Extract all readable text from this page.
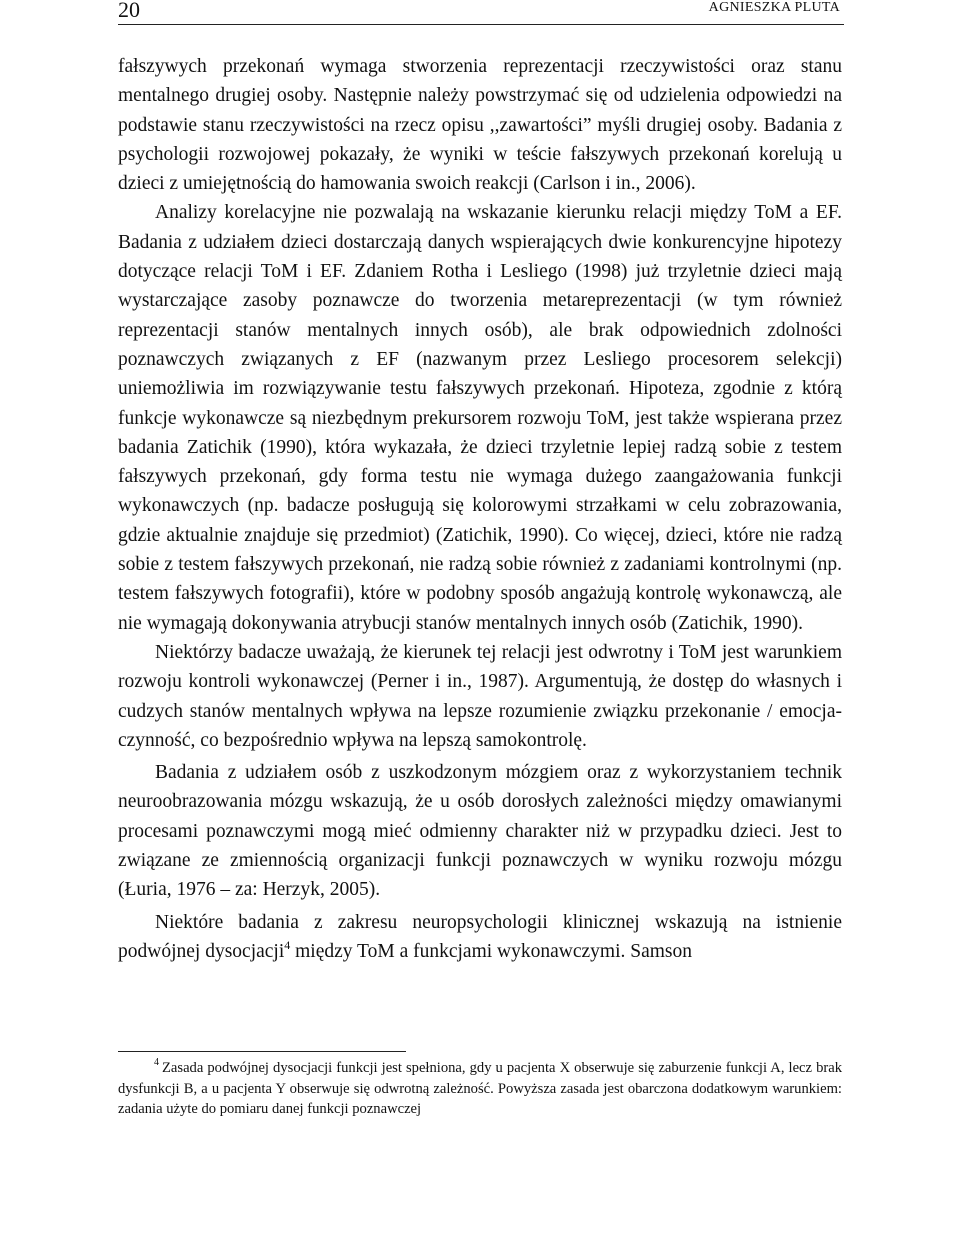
20	AGNIESZKA PLUTA

fałszywych przekonań wymaga stworzenia reprezentacji rzeczywistości oraz stanu mentalnego drugiej osoby. Następnie należy powstrzymać się od udzielenia odpowiedzi na podstawie stanu rzeczywistości na rzecz opisu ,,zawartości” myśli drugiej osoby. Badania z psychologii rozwojowej pokazały, że wyniki w teście fałszywych przekonań korelują u dzieci z umiejętnością do hamowania swoich reakcji (Carlson i in., 2006).

Analizy korelacyjne nie pozwalają na wskazanie kierunku relacji między ToM a EF. Badania z udziałem dzieci dostarczają danych wspierających dwie konkurencyjne hipotezy dotyczące relacji ToM i EF. Zdaniem Rotha i Lesliego (1998) już trzyletnie dzieci mają wystarczające zasoby poznawcze do tworzenia metareprezentacji (w tym również reprezentacji stanów mentalnych innych osób), ale brak odpowiednich zdolności poznawczych związanych z EF (nazwanym przez Lesliego procesorem selekcji) uniemożliwia im rozwiązywanie testu fałszywych przekonań. Hipoteza, zgodnie z którą funkcje wykonawcze są niezbędnym prekursorem rozwoju ToM, jest także wspierana przez badania Zatichik (1990), która wykazała, że dzieci trzyletnie lepiej radzą sobie z testem fałszywych przekonań, gdy forma testu nie wymaga dużego zaangażowania funkcji wykonawczych (np. badacze posługują się kolorowymi strzałkami w celu zobrazowania, gdzie aktualnie znajduje się przedmiot) (Zatichik, 1990). Co więcej, dzieci, które nie radzą sobie z testem fałszywych przekonań, nie radzą sobie również z zadaniami kontrolnymi (np. testem fałszywych fotografii), które w podobny sposób angażują kontrolę wykonawczą, ale nie wymagają dokonywania atrybucji stanów mentalnych innych osób (Zatichik, 1990).

Niektórzy badacze uważają, że kierunek tej relacji jest odwrotny i ToM jest warunkiem rozwoju kontroli wykonawczej (Perner i in., 1987). Argumentują, że dostęp do własnych i cudzych stanów mentalnych wpływa na lepsze rozumienie związku przekonanie / emocja-czynność, co bezpośrednio wpływa na lepszą samokontrolę.

Badania z udziałem osób z uszkodzonym mózgiem oraz z wykorzystaniem technik neuroobrazowania mózgu wskazują, że u osób dorosłych zależności między omawianymi procesami poznawczymi mogą mieć odmienny charakter niż w przypadku dzieci. Jest to związane ze zmiennością organizacji funkcji poznawczych w wyniku rozwoju mózgu (Łuria, 1976 – za: Herzyk, 2005).

Niektóre badania z zakresu neuropsychologii klinicznej wskazują na istnienie podwójnej dysocjacji$^4$ między ToM a funkcjami wykonawczymi. Samson

$^4$ Zasada podwójnej dysocjacji funkcji jest spełniona, gdy u pacjenta X obserwuje się zaburzenie funkcji A, lecz brak dysfunkcji B, a u pacjenta Y obserwuje się odwrotną zależność. Powyższa zasada jest obarczona dodatkowym warunkiem: zadania użyte do pomiaru danej funkcji poznawczej
